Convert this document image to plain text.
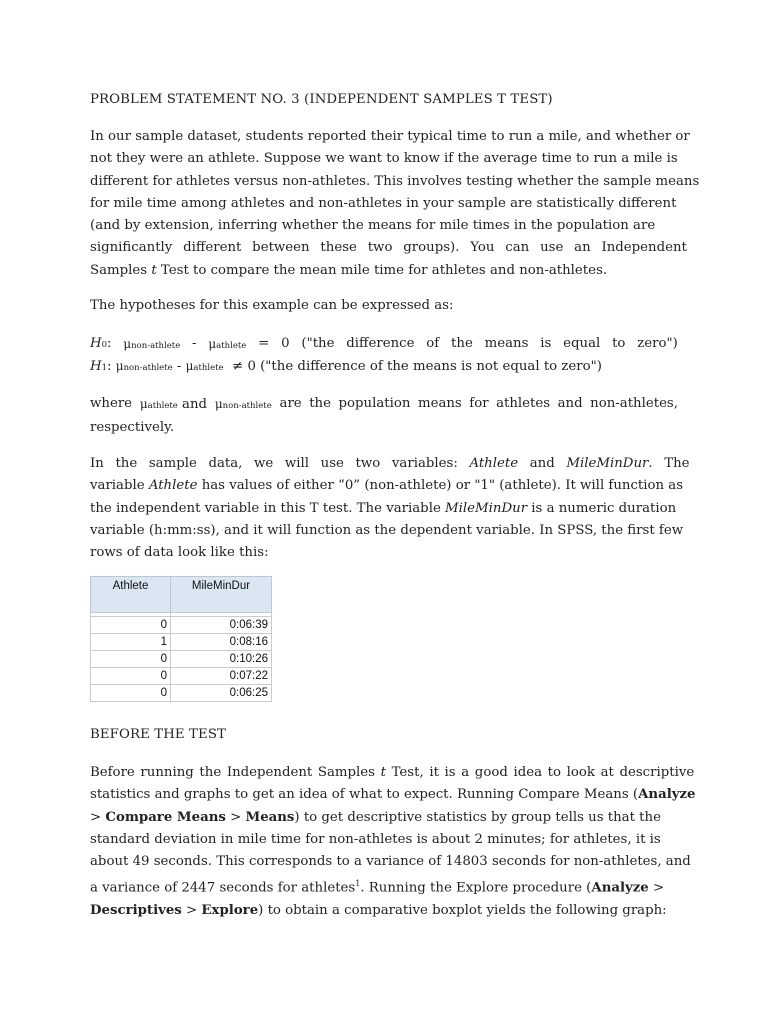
PROBLEM STATEMENT NO. 3 (INDEPENDENT SAMPLES T TEST)
In our sample dataset, students reported their typical time to run a mile, and whether or
not they were an athlete. Suppose we want to know if the average time to run a mile is
different for athletes versus non-athletes. This involves testing whether the sample means
for mile time among athletes and non-athletes in your sample are statistically different
(and by extension, inferring whether the means for mile times in the population are
significantly different between these two groups). You can use an Independent
Samples t Test to compare the mean mile time for athletes and non-athletes.
The hypotheses for this example can be expressed as:
H0: μnon-athlete - μathlete = 0 ("the difference of the means is equal to zero")
H1: μnon-athlete - μathlete ≠ 0 ("the difference of the means is not equal to zero")
where μathlete and μnon-athlete are the population means for athletes and non-athletes,
respectively.
In the sample data, we will use two variables: Athlete and MileMinDur. The
variable Athlete has values of either “0” (non-athlete) or "1" (athlete). It will function as
the independent variable in this T test. The variable MileMinDur is a numeric duration
variable (h:mm:ss), and it will function as the dependent variable. In SPSS, the first few
rows of data look like this:
Athlete	MileMinDur

0	0:06:39
1	0:08:16
0	0:10:26
0	0:07:22
0	0:06:25
BEFORE THE TEST
Before running the Independent Samples t Test, it is a good idea to look at descriptive
statistics and graphs to get an idea of what to expect. Running Compare Means (Analyze
> Compare Means > Means) to get descriptive statistics by group tells us that the
standard deviation in mile time for non-athletes is about 2 minutes; for athletes, it is
about 49 seconds. This corresponds to a variance of 14803 seconds for non-athletes, and
a variance of 2447 seconds for athletes$^1$. Running the Explore procedure (Analyze >
Descriptives > Explore) to obtain a comparative boxplot yields the following graph:
